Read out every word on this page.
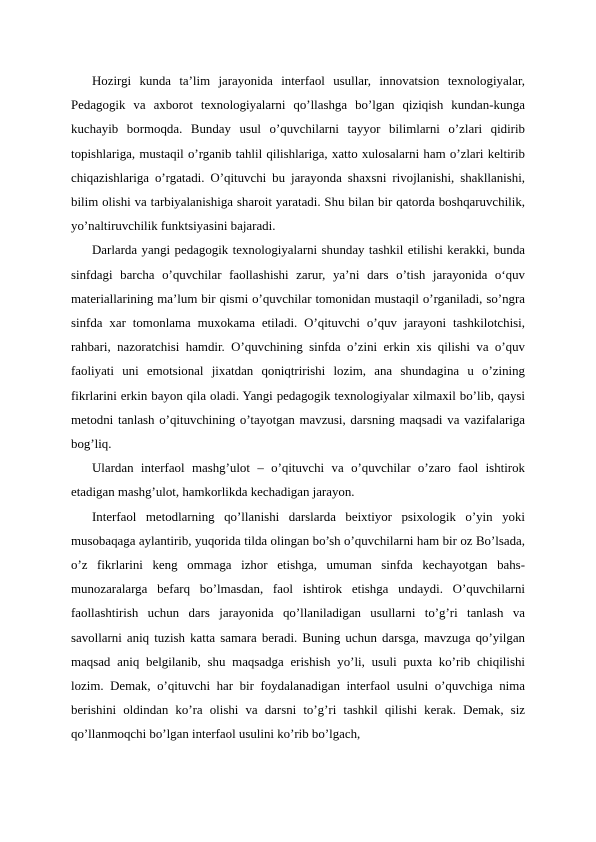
Hozirgi kunda ta’lim jarayonida interfaol usullar, innovatsion texnologiyalar, Pedagogik va axborot texnologiyalarni qo’llashga bo’lgan qiziqish kundan-kunga kuchayib bormoqda. Bunday usul o’quvchilarni tayyor bilimlarni o’zlari qidirib topishlariga, mustaqil o’rganib tahlil qilishlariga, xatto xulosalarni ham o’zlari keltirib chiqazishlariga o’rgatadi. O’qituvchi bu jarayonda shaxsni rivojlanishi, shakllanishi, bilim olishi va tarbiyalanishiga sharoit yaratadi. Shu bilan bir qatorda boshqaruvchilik, yo’naltiruvchilik funktsiyasini bajaradi.

Darlarda yangi pedagogik texnologiyalarni shunday tashkil etilishi kerakki, bunda sinfdagi barcha o’quvchilar faollashishi zarur, ya’ni dars o’tish jarayonida o‘quv materiallarining ma’lum bir qismi o’quvchilar tomonidan mustaqil o’rganiladi, so’ngra sinfda xar tomonlama muxokama etiladi. O’qituvchi o’quv jarayoni tashkilotchisi, rahbari, nazoratchisi hamdir. O’quvchining sinfda o’zini erkin xis qilishi va o’quv faoliyati uni emotsional jixatdan qoniqtririshi lozim, ana shundagina u o’zining fikrlarini erkin bayon qila oladi. Yangi pedagogik texnologiyalar xilmaxil bo’lib, qaysi metodni tanlash o’qituvchining o’tayotgan mavzusi, darsning maqsadi va vazifalariga bog’liq.

Ulardan interfaol mashg’ulot – o’qituvchi va o’quvchilar o’zaro faol ishtirok etadigan mashg’ulot, hamkorlikda kechadigan jarayon.

Interfaol metodlarning qo’llanishi darslarda beixtiyor psixologik o’yin yoki musobaqaga aylantirib, yuqorida tilda olingan bo’sh o’quvchilarni ham bir oz Bo’lsada, o’z fikrlarini keng ommaga izhor etishga, umuman sinfda kechayotgan bahs-munozaralarga befarq bo’lmasdan, faol ishtirok etishga undaydi. O’quvchilarni faollashtirish uchun dars jarayonida qo’llaniladigan usullarni to’g’ri tanlash va savollarni aniq tuzish katta samara beradi. Buning uchun darsga, mavzuga qo’yilgan maqsad aniq belgilanib, shu maqsadga erishish yo’li, usuli puxta ko’rib chiqilishi lozim. Demak, o’qituvchi har bir foydalanadigan interfaol usulni o’quvchiga nima berishini oldindan ko’ra olishi va darsni to’g’ri tashkil qilishi kerak. Demak, siz qo’llanmoqchi bo’lgan interfaol usulini ko’rib bo’lgach,
